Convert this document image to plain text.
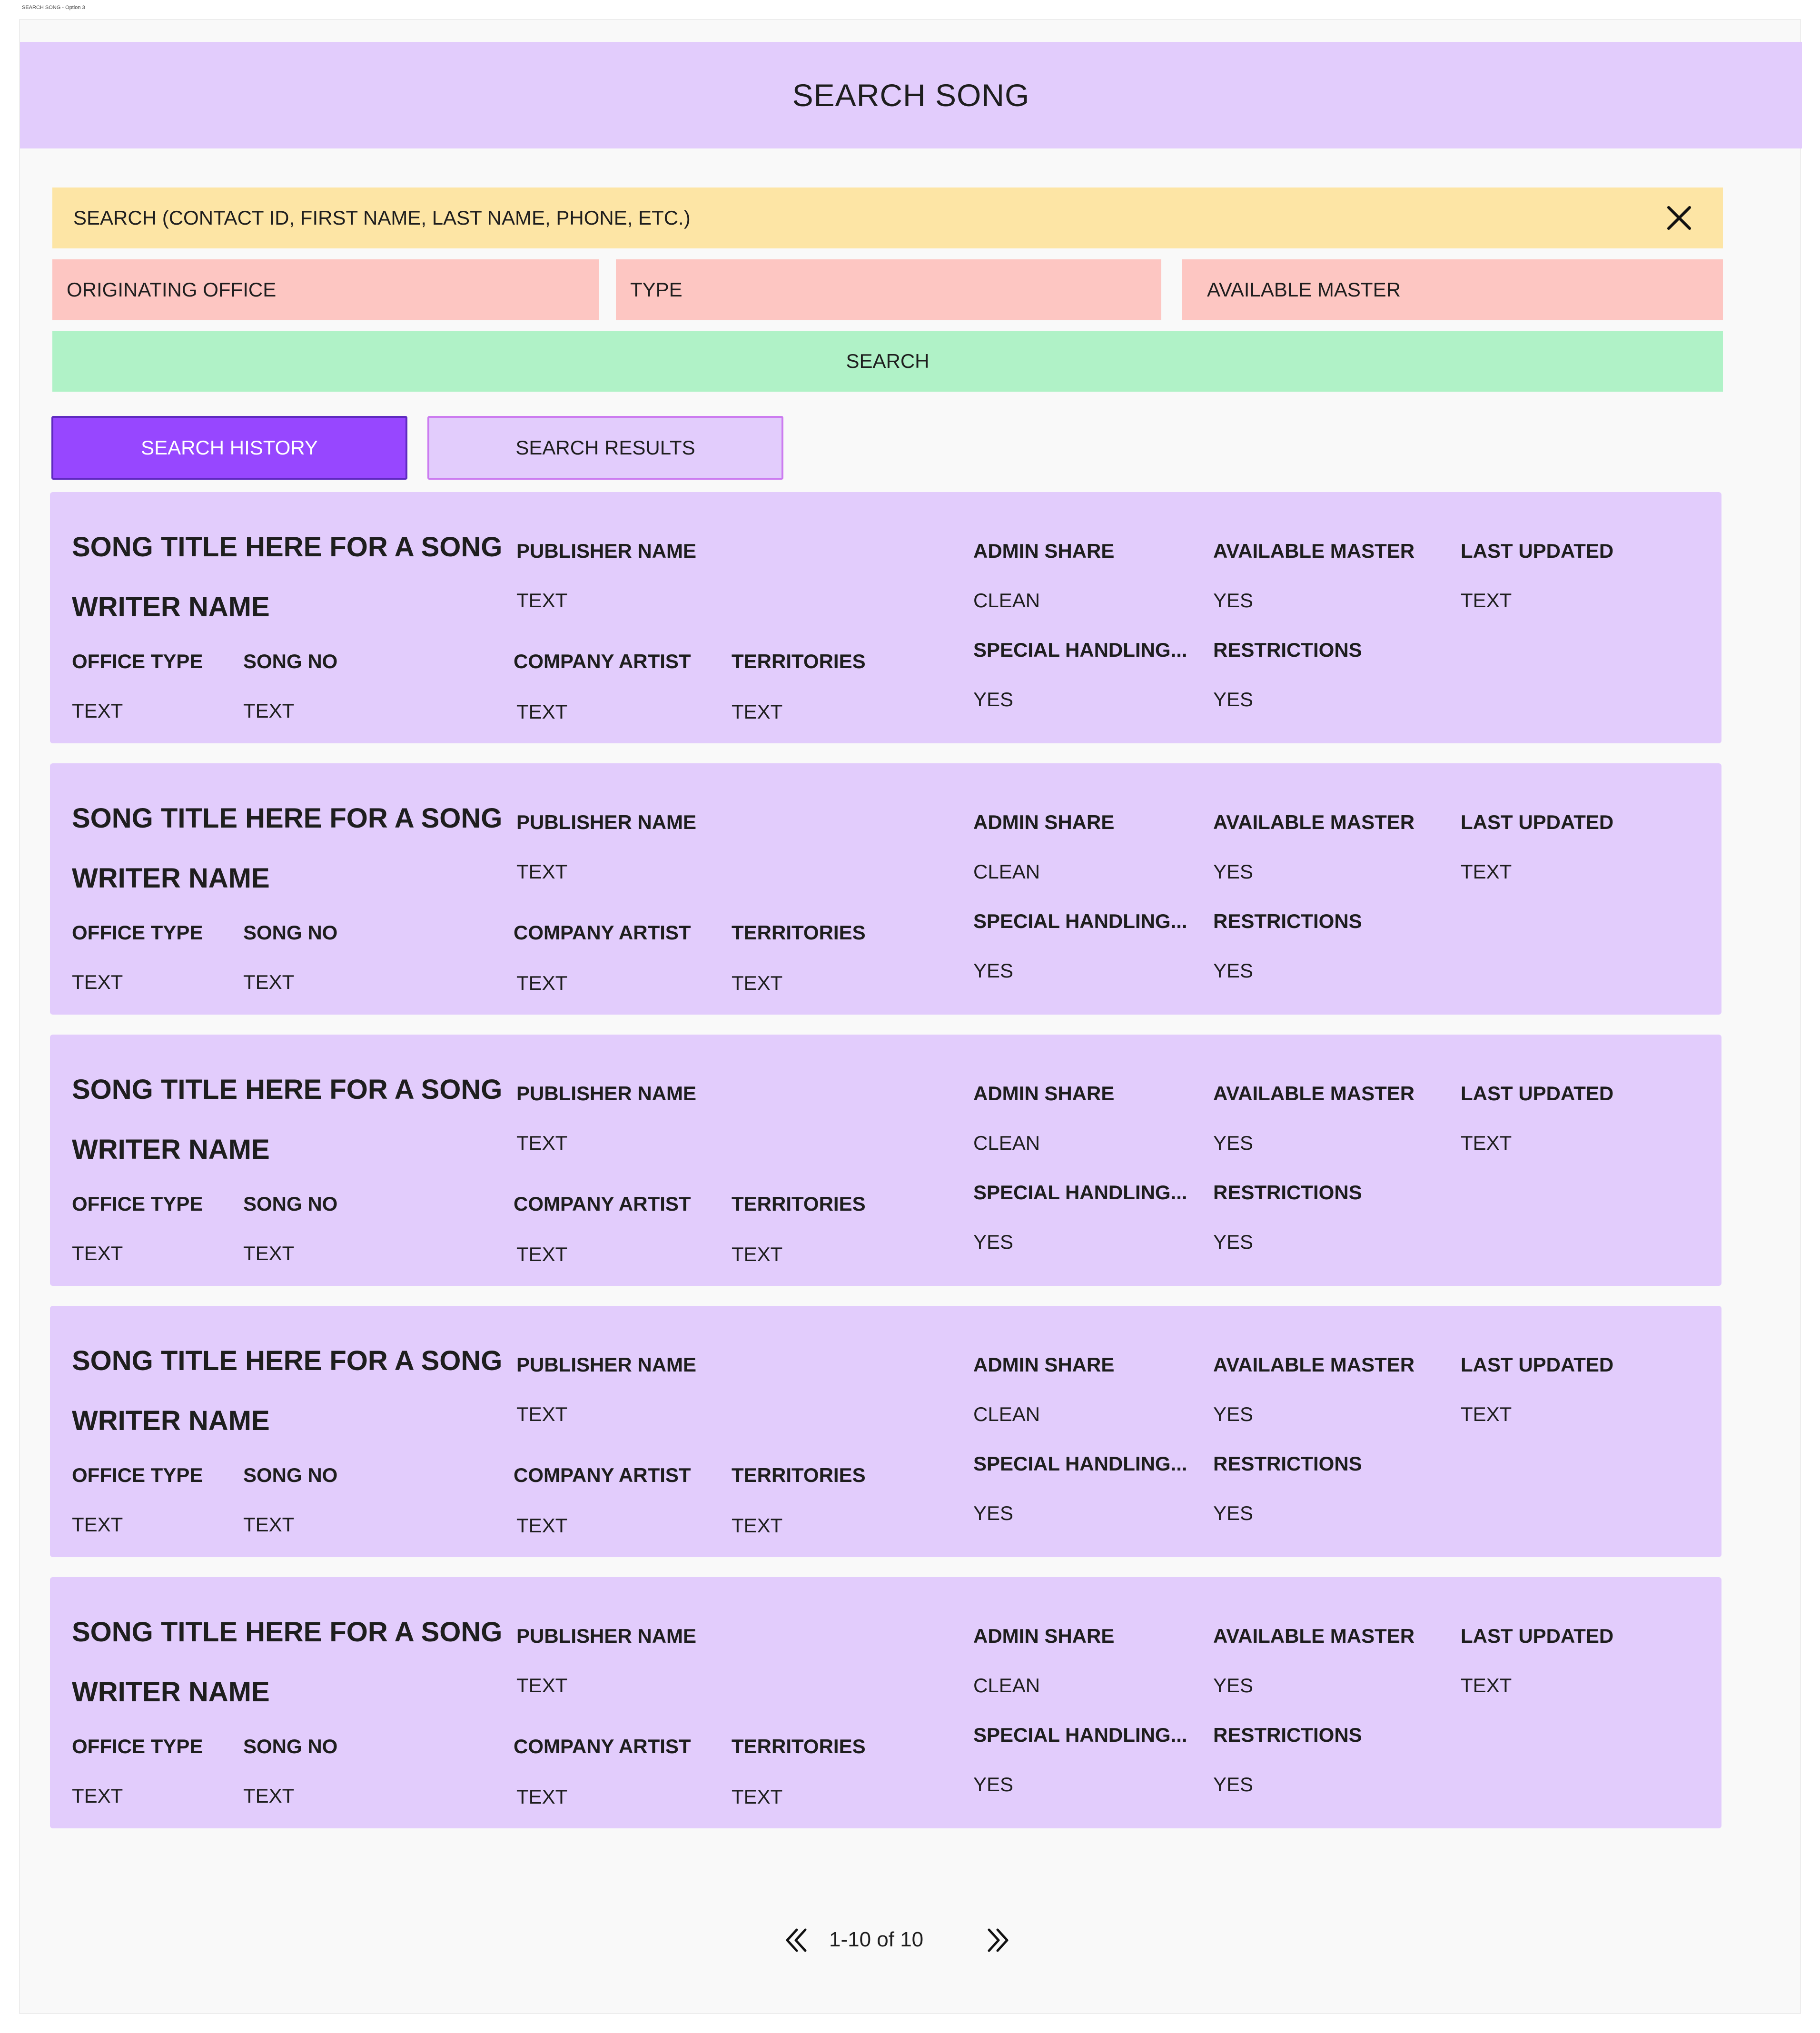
SEARCH SONG - Option 3
SEARCH SONG
SEARCH (CONTACT ID, FIRST NAME, LAST NAME, PHONE, ETC.)
ORIGINATING OFFICE	TYPE	AVAILABLE MASTER
SEARCH
SEARCH HISTORY	SEARCH RESULTS
SONG TITLE HERE FOR A SONG
WRITER NAME
PUBLISHER NAME
TEXT
ADMIN SHARE
CLEAN
AVAILABLE MASTER
YES
LAST UPDATED
TEXT
OFFICE TYPE
TEXT
SONG NO
TEXT
COMPANY ARTIST
TEXT
TERRITORIES
TEXT
SPECIAL HANDLING...
YES
RESTRICTIONS
YES
SONG TITLE HERE FOR A SONG
WRITER NAME
PUBLISHER NAME
TEXT
ADMIN SHARE
CLEAN
AVAILABLE MASTER
YES
LAST UPDATED
TEXT
OFFICE TYPE
TEXT
SONG NO
TEXT
COMPANY ARTIST
TEXT
TERRITORIES
TEXT
SPECIAL HANDLING...
YES
RESTRICTIONS
YES
SONG TITLE HERE FOR A SONG
WRITER NAME
PUBLISHER NAME
TEXT
ADMIN SHARE
CLEAN
AVAILABLE MASTER
YES
LAST UPDATED
TEXT
OFFICE TYPE
TEXT
SONG NO
TEXT
COMPANY ARTIST
TEXT
TERRITORIES
TEXT
SPECIAL HANDLING...
YES
RESTRICTIONS
YES
SONG TITLE HERE FOR A SONG
WRITER NAME
PUBLISHER NAME
TEXT
ADMIN SHARE
CLEAN
AVAILABLE MASTER
YES
LAST UPDATED
TEXT
OFFICE TYPE
TEXT
SONG NO
TEXT
COMPANY ARTIST
TEXT
TERRITORIES
TEXT
SPECIAL HANDLING...
YES
RESTRICTIONS
YES
SONG TITLE HERE FOR A SONG
WRITER NAME
PUBLISHER NAME
TEXT
ADMIN SHARE
CLEAN
AVAILABLE MASTER
YES
LAST UPDATED
TEXT
OFFICE TYPE
TEXT
SONG NO
TEXT
COMPANY ARTIST
TEXT
TERRITORIES
TEXT
SPECIAL HANDLING...
YES
RESTRICTIONS
YES
1-10 of 10
